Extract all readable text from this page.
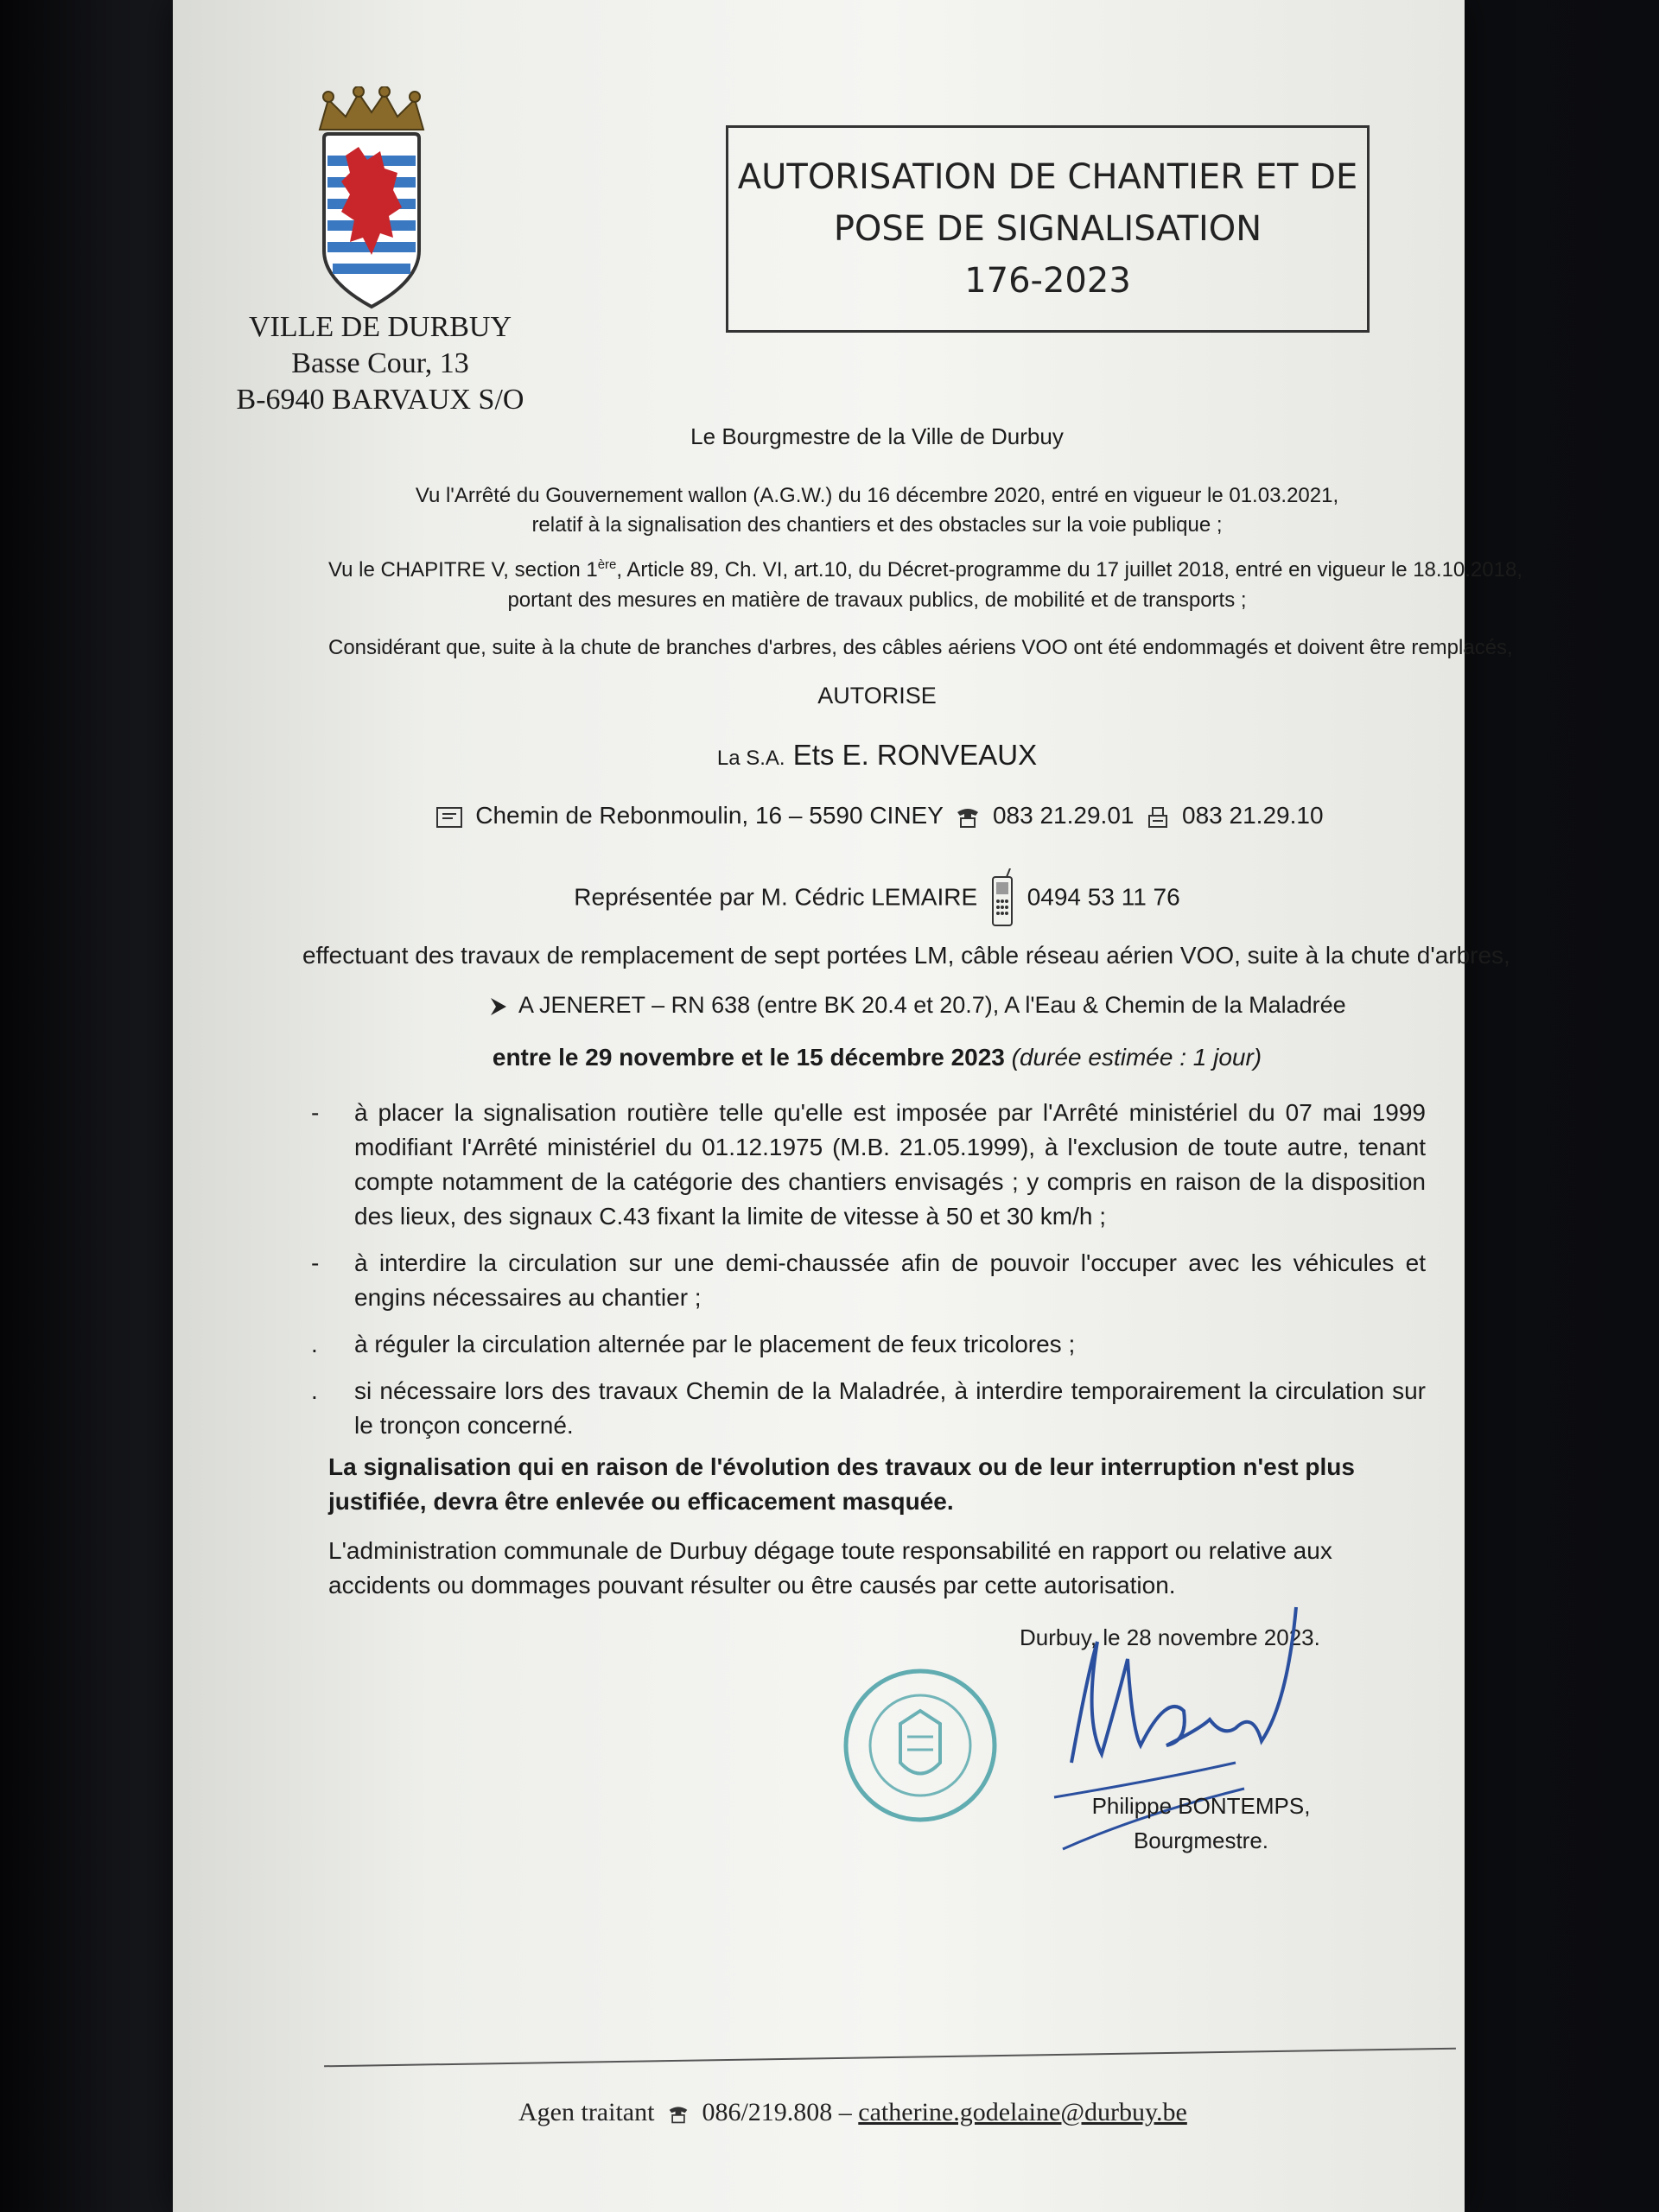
VILLE DE DURBUY
Basse Cour, 13
B-6940 BARVAUX S/O
AUTORISATION DE CHANTIER ET DE
POSE DE SIGNALISATION
176-2023
Le Bourgmestre de la Ville de Durbuy
Vu l'Arrêté du Gouvernement wallon (A.G.W.) du 16 décembre 2020, entré en vigueur le 01.03.2021,
relatif à la signalisation des chantiers et des obstacles sur la voie publique ;
Vu le CHAPITRE V, section 1ère, Article 89, Ch. VI, art.10, du Décret-programme du 17 juillet 2018, entré en vigueur le 18.10.2018,
portant des mesures en matière de travaux publics, de mobilité et de transports ;
Considérant que, suite à la chute de branches d'arbres, des câbles aériens VOO ont été endommagés et doivent être remplacés,
AUTORISE
La S.A. Ets E. RONVEAUX
Chemin de Rebonmoulin, 16 – 5590 CINEY 083 21.29.01 083 21.29.10
Représentée par M. Cédric LEMAIRE 0494 53 11 76
effectuant des travaux de remplacement de sept portées LM, câble réseau aérien VOO, suite à la chute d'arbres,
A JENERET – RN 638 (entre BK 20.4 et 20.7), A l'Eau & Chemin de la Maladrée
entre le 29 novembre et le 15 décembre 2023 (durée estimée : 1 jour)
- à placer la signalisation routière telle qu'elle est imposée par l'Arrêté ministériel du 07 mai 1999 modifiant l'Arrêté ministériel du 01.12.1975 (M.B. 21.05.1999), à l'exclusion de toute autre, tenant compte notamment de la catégorie des chantiers envisagés ; y compris en raison de la disposition des lieux, des signaux C.43 fixant la limite de vitesse à 50 et 30 km/h ;
- à interdire la circulation sur une demi-chaussée afin de pouvoir l'occuper avec les véhicules et engins nécessaires au chantier ;
. à réguler la circulation alternée par le placement de feux tricolores ;
. si nécessaire lors des travaux Chemin de la Maladrée, à interdire temporairement la circulation sur le tronçon concerné.
La signalisation qui en raison de l'évolution des travaux ou de leur interruption n'est plus justifiée, devra être enlevée ou efficacement masquée.
L'administration communale de Durbuy dégage toute responsabilité en rapport ou relative aux accidents ou dommages pouvant résulter ou être causés par cette autorisation.
Durbuy, le 28 novembre 2023.
Philippe BONTEMPS,
Bourgmestre.
Agen traitant 086/219.808 – catherine.godelaine@durbuy.be
